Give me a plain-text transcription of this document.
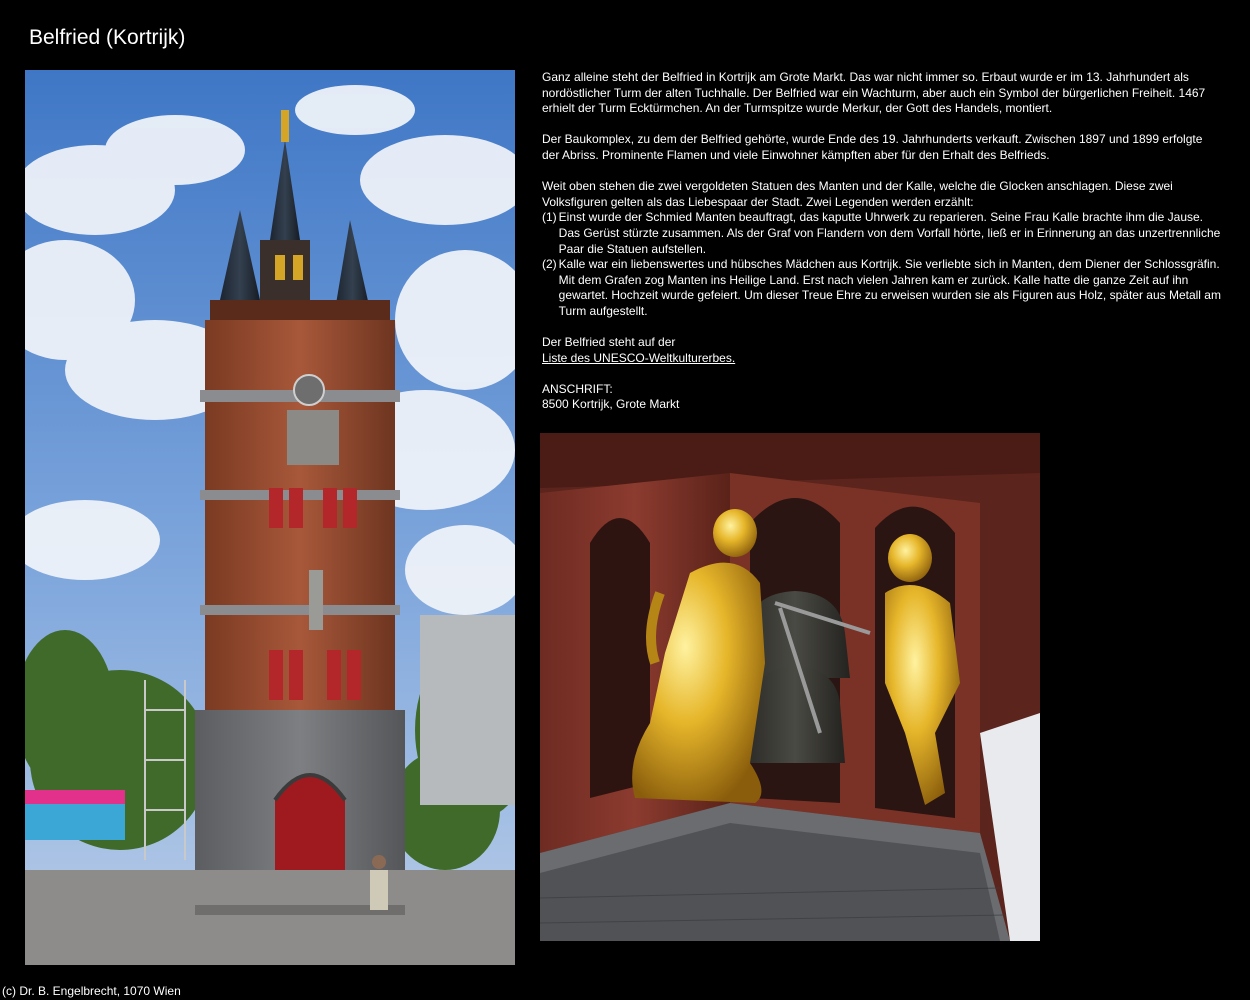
Belfried (Kortrijk)

Ganz alleine steht der Belfried in Kortrijk am Grote Markt. Das war nicht immer so. Erbaut wurde er im 13. Jahrhundert als nordöstlicher Turm der alten Tuchhalle. Der Belfried war ein Wachturm, aber auch ein Symbol der bürgerlichen Freiheit. 1467 erhielt der Turm Ecktürmchen. An der Turmspitze wurde Merkur, der Gott des Handels, montiert.

Der Baukomplex, zu dem der Belfried gehörte, wurde Ende des 19. Jahrhunderts verkauft. Zwischen 1897 und 1899 erfolgte der Abriss. Prominente Flamen und viele Einwohner kämpften aber für den Erhalt des Belfrieds.

Weit oben stehen die zwei vergoldeten Statuen des Manten und der Kalle, welche die Glocken anschlagen. Diese zwei Volksfiguren gelten als das Liebespaar der Stadt. Zwei Legenden werden erzählt:

(1) Einst wurde der Schmied Manten beauftragt, das kaputte Uhrwerk zu reparieren. Seine Frau Kalle brachte ihm die Jause. Das Gerüst stürzte zusammen. Als der Graf von Flandern von dem Vorfall hörte, ließ er in Erinnerung an das unzertrennliche Paar die Statuen aufstellen.
(2) Kalle war ein liebenswertes und hübsches Mädchen aus Kortrijk. Sie verliebte sich in Manten, dem Diener der Schlossgräfin. Mit dem Grafen zog Manten ins Heilige Land. Erst nach vielen Jahren kam er zurück. Kalle hatte die ganze Zeit auf ihn gewartet. Hochzeit wurde gefeiert. Um dieser Treue Ehre zu erweisen wurden sie als Figuren aus Holz, später aus Metall am Turm aufgestellt.

Der Belfried steht auf der

Liste des UNESCO-Weltkulturerbes.

ANSCHRIFT:

8500 Kortrijk, Grote Markt

(c) Dr. B. Engelbrecht, 1070 Wien
